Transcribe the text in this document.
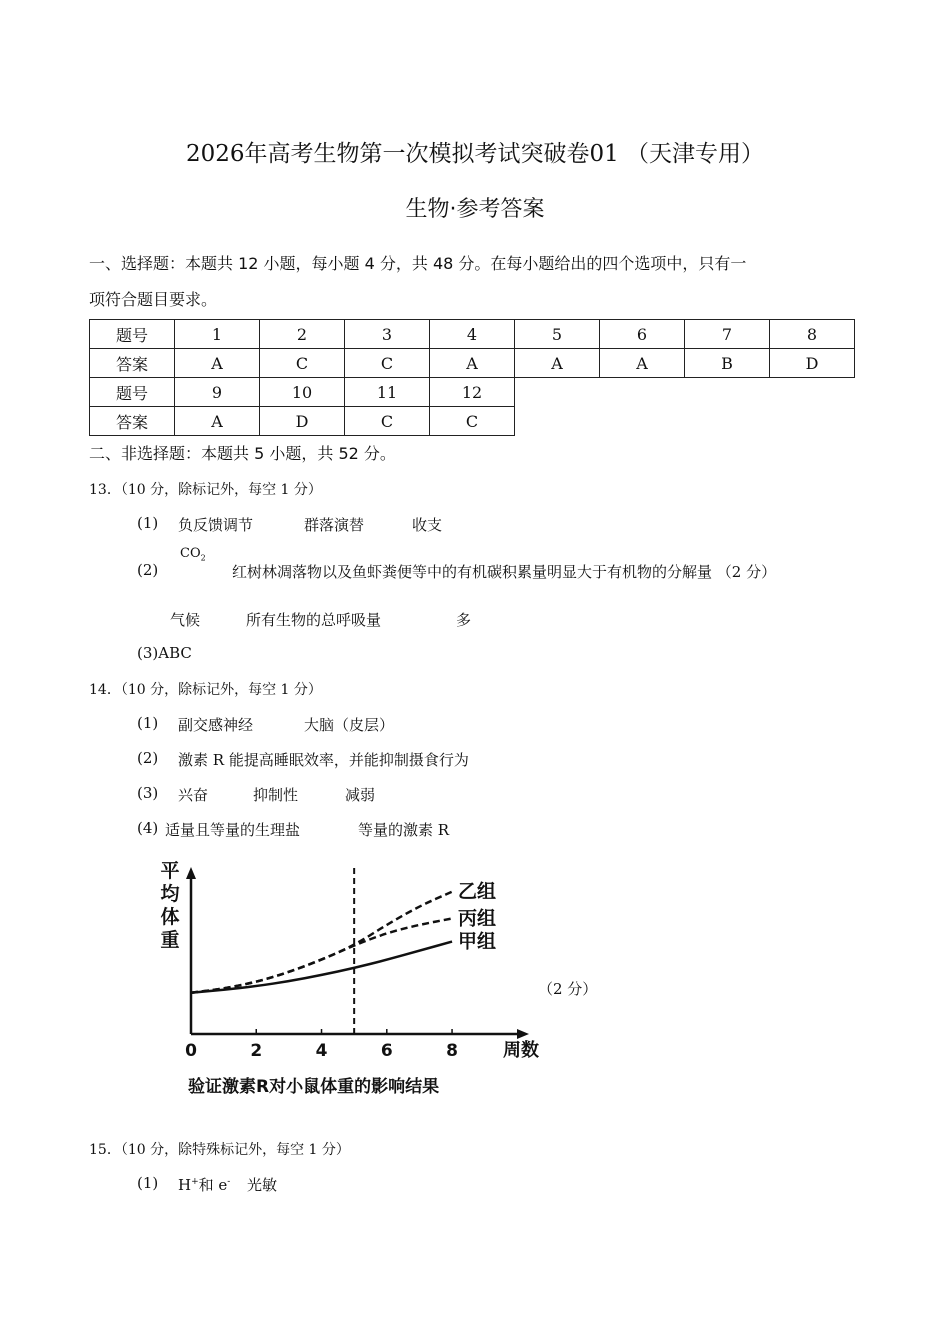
2026年高考生物第一次模拟考试突破卷01 （天津专用）
生物·参考答案
一、选择题：本题共 12 小题，每小题 4 分，共 48 分。在每小题给出的四个选项中，只有一
项符合题目要求。
题号	1	2	3	4	5	6	7	8
答案	A	C	C	A	A	A	B	D
题号	9	10	11	12				
答案	A	D	C	C				
二、非选择题：本题共 5 小题，共 52 分。
13．（10 分，除标记外，每空 1 分）
(1) 负反馈调节	群落演替	收支
(2)
$CO_2$
红树林凋落物以及鱼虾粪便等中的有机碳积累量明显大于有机物的分解量 （2 分）
气候	所有生物的总呼吸量	多
(3)ABC
14．（10 分，除标记外，每空 1 分）
(1) 副交感神经	大脑（皮层）
(2) 激素 R 能提高睡眠效率，并能抑制摄食行为
(3) 兴奋	抑制性	减弱
(4) 适量且等量的生理盐	等量的激素 R
0	2	4	6	8	周数
平
均
体
重	甲组
丙组
乙组
验证激素R对小鼠体重的影响结果
（2 分）
15．（10 分，除特殊标记外，每空 1 分）
(1) H+和 e- 光敏
